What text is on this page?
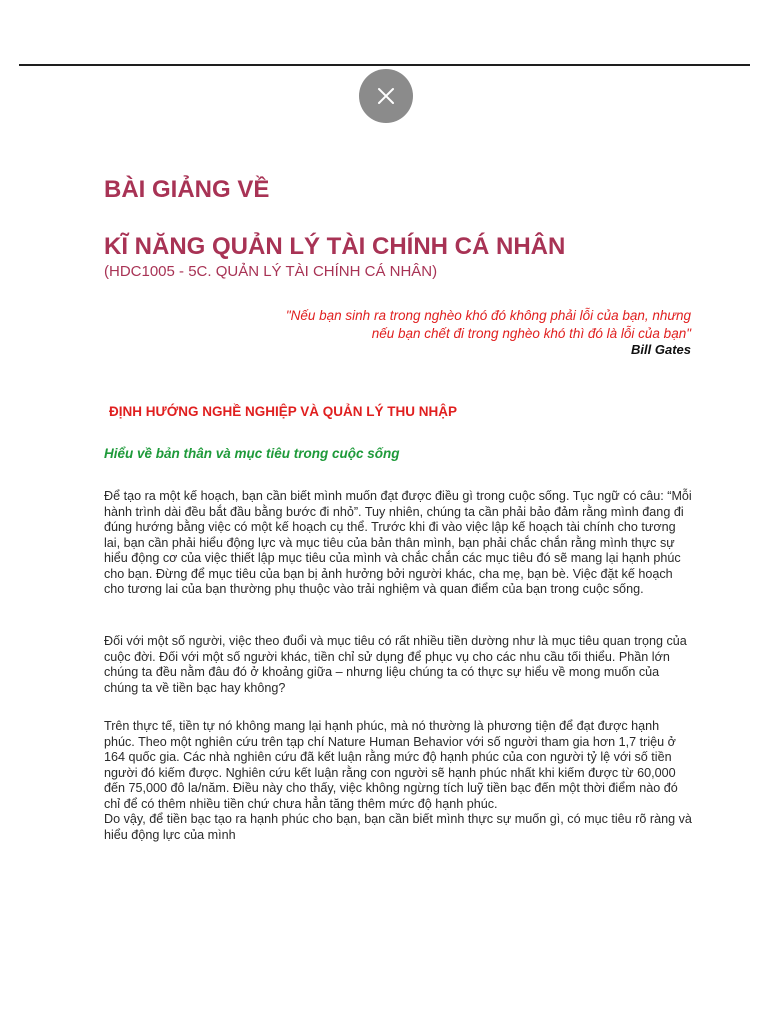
BÀI GIẢNG VỀ
KĨ NĂNG QUẢN LÝ TÀI CHÍNH CÁ NHÂN
(HDC1005 - 5C. QUẢN LÝ TÀI CHÍNH CÁ NHÂN)
"Nếu bạn sinh ra trong nghèo khó đó không phải lỗi của bạn, nhưng nếu bạn chết đi trong nghèo khó thì đó là lỗi của bạn"
Bill Gates
ĐỊNH HƯỚNG NGHỀ NGHIỆP VÀ QUẢN LÝ THU NHẬP
Hiểu về bản thân và mục tiêu trong cuộc sống

Để tạo ra một kế hoạch, bạn cần biết mình muốn đạt được điều gì trong cuộc sống. Tục ngữ có câu: “Mỗi hành trình dài đều bắt đầu bằng bước đi nhỏ”. Tuy nhiên, chúng ta cần phải bảo đảm rằng mình đang đi đúng hướng bằng việc có một kế hoạch cụ thể. Trước khi đi vào việc lập kế hoạch tài chính cho tương lai, bạn cần phải hiểu động lực và mục tiêu của bản thân mình, bạn phải chắc chắn rằng mình thực sự hiểu động cơ của việc thiết lập mục tiêu của mình và chắc chắn các mục tiêu đó sẽ mang lại hạnh phúc cho bạn. Đừng để mục tiêu của bạn bị ảnh hưởng bởi người khác, cha mẹ, bạn bè. Việc đặt kế hoạch cho tương lai của bạn thường phụ thuộc vào trải nghiệm và quan điểm của bạn trong cuộc sống.

Đối với một số người, việc theo đuổi và mục tiêu có rất nhiều tiền dường như là mục tiêu quan trọng của cuộc đời. Đối với một số người khác, tiền chỉ sử dụng để phục vụ cho các nhu cầu tối thiểu. Phần lớn chúng ta đều nằm đâu đó ở khoảng giữa – nhưng liệu chúng ta có thực sự hiểu về mong muốn của chúng ta về tiền bạc hay không?

Trên thực tế, tiền tự nó không mang lại hạnh phúc, mà nó thường là phương tiện để đạt được hạnh phúc. Theo một nghiên cứu trên tạp chí Nature Human Behavior với số người tham gia hơn 1,7 triệu ở 164 quốc gia. Các nhà nghiên cứu đã kết luận rằng mức độ hạnh phúc của con người tỷ lệ với số tiền người đó kiếm được. Nghiên cứu kết luận rằng con người sẽ hạnh phúc nhất khi kiếm được từ 60,000 đến 75,000 đô la/năm. Điều này cho thấy, việc không ngừng tích luỹ tiền bạc đến một thời điểm nào đó chỉ để có thêm nhiều tiền chứ chưa hẳn tăng thêm mức độ hạnh phúc.

Do vậy, để tiền bạc tạo ra hạnh phúc cho bạn, bạn cần biết mình thực sự muốn gì, có mục tiêu rõ ràng và hiểu động lực của mình
